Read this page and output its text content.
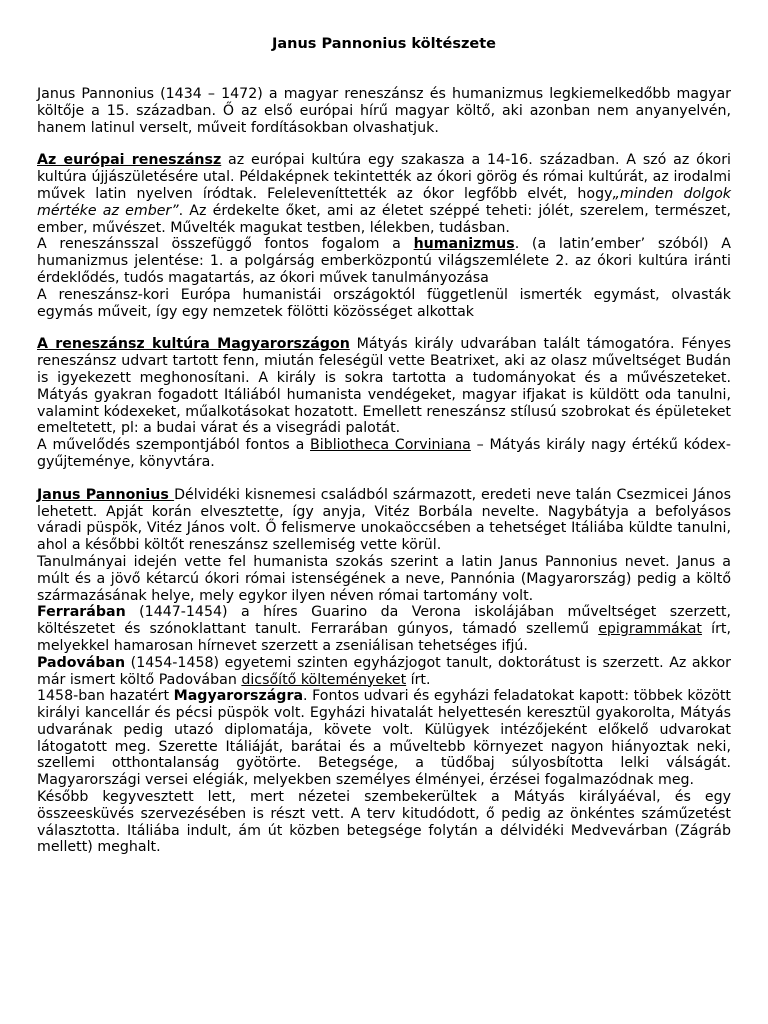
Janus Pannonius költészete

Janus Pannonius (1434 – 1472) a magyar reneszánsz és humanizmus legkiemelkedőbb magyar költője a 15. században. Ő az első európai hírű magyar költő, aki azonban nem anyanyelvén, hanem latinul verselt, műveit fordításokban olvashatjuk.

Az európai reneszánsz az európai kultúra egy szakasza a 14-16. században. A szó az ókori kultúra újjászületésére utal. Példaképnek tekintették az ókori görög és római kultúrát, az irodalmi művek latin nyelven íródtak. Feleleveníttették az ókor legfőbb elvét, hogy„minden dolgok mértéke az ember”. Az érdekelte őket, ami az életet széppé teheti: jólét, szerelem, természet, ember, művészet. Művelték magukat testben, lélekben, tudásban.

A reneszánsszal összefüggő fontos fogalom a humanizmus. (a latin’ember’ szóból) A humanizmus jelentése: 1. a polgárság emberközpontú világszemlélete 2. az ókori kultúra iránti érdeklődés, tudós magatartás, az ókori művek tanulmányozása

A reneszánsz-kori Európa humanistái országoktól függetlenül ismerték egymást, olvasták egymás műveit, így egy nemzetek fölötti közösséget alkottak

A reneszánsz kultúra Magyarországon Mátyás király udvarában talált támogatóra. Fényes reneszánsz udvart tartott fenn, miután feleségül vette Beatrixet, aki az olasz műveltséget Budán is igyekezett meghonosítani. A király is sokra tartotta a tudományokat és a művészeteket. Mátyás gyakran fogadott Itáliából humanista vendégeket, magyar ifjakat is küldött oda tanulni, valamint kódexeket, műalkotásokat hozatott. Emellett reneszánsz stílusú szobrokat és épületeket emeltetett, pl: a budai várat és a visegrádi palotát.

A művelődés szempontjából fontos a Bibliotheca Corviniana – Mátyás király nagy értékű kódex-gyűjteménye, könyvtára.

Janus Pannonius Délvidéki kisnemesi családból származott, eredeti neve talán Csezmicei János lehetett. Apját korán elvesztette, így anyja, Vitéz Borbála nevelte. Nagybátyja a befolyásos váradi püspök, Vitéz János volt. Ő felismerve unokaöccsében a tehetséget Itáliába küldte tanulni, ahol a későbbi költőt reneszánsz szellemiség vette körül.

Tanulmányai idején vette fel humanista szokás szerint a latin Janus Pannonius nevet. Janus a múlt és a jövő kétarcú ókori római istenségének a neve, Pannónia (Magyarország) pedig a költő származásának helye, mely egykor ilyen néven római tartomány volt.

Ferrarában (1447-1454) a híres Guarino da Verona iskolájában műveltséget szerzett, költészetet és szónoklattant tanult. Ferrarában gúnyos, támadó szellemű epigrammákat írt, melyekkel hamarosan hírnevet szerzett a zseniálisan tehetséges ifjú.

Padovában (1454-1458) egyetemi szinten egyházjogot tanult, doktorátust is szerzett. Az akkor már ismert költő Padovában dicsőítő költeményeket írt.

1458-ban hazatért Magyarországra. Fontos udvari és egyházi feladatokat kapott: többek között királyi kancellár és pécsi püspök volt. Egyházi hivatalát helyettesén keresztül gyakorolta, Mátyás udvarának pedig utazó diplomatája, követe volt. Külügyek intézőjeként előkelő udvarokat látogatott meg. Szerette Itáliáját, barátai és a műveltebb környezet nagyon hiányoztak neki, szellemi otthontalanság gyötörte. Betegsége, a tüdőbaj súlyosbította lelki válságát. Magyarországi versei elégiák, melyekben személyes élményei, érzései fogalmazódnak meg.

Később kegyvesztett lett, mert nézetei szembekerültek a Mátyás királyáéval, és egy összeesküvés szervezésében is részt vett. A terv kitudódott, ő pedig az önkéntes száműzetést választotta. Itáliába indult, ám út közben betegsége folytán a délvidéki Medvevárban (Zágráb mellett) meghalt.
